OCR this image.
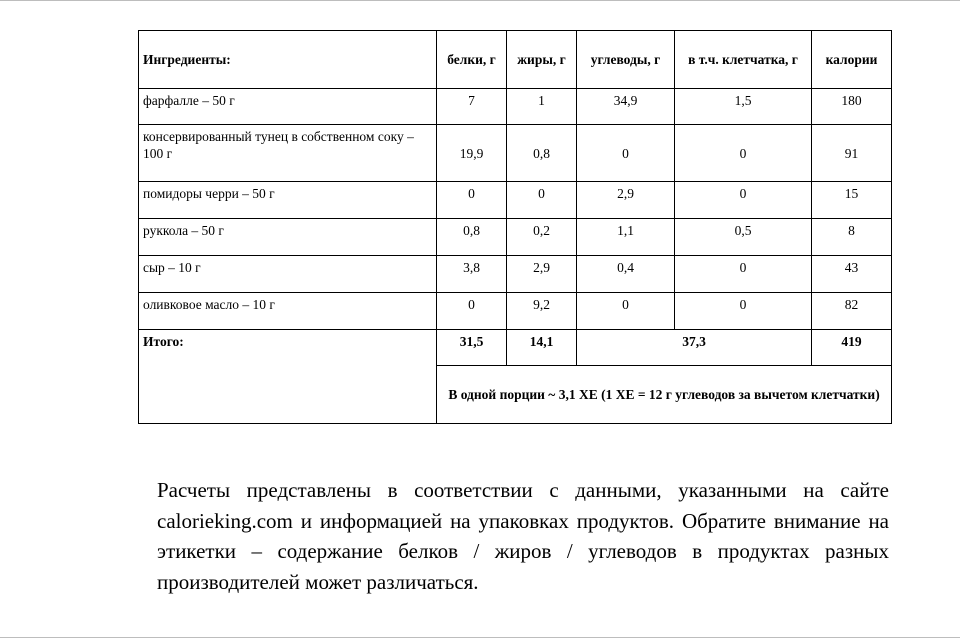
Ингредиенты:	белки, г	жиры, г	углеводы, г	в т.ч. клетчатка, г	калории
фарфалле – 50 г	7	1	34,9	1,5	180
консервированный тунец в собственном соку – 100 г	19,9	0,8	0	0	91
помидоры черри – 50 г	0	0	2,9	0	15
руккола – 50 г	0,8	0,2	1,1	0,5	8
сыр – 10 г	3,8	2,9	0,4	0	43
оливковое масло – 10 г	0	9,2	0	0	82
Итого:	31,5	14,1	37,3		419
	В одной порции ~ 3,1 ХЕ (1 ХЕ = 12 г углеводов за вычетом клетчатки)				
Расчеты представлены в соответствии с данными, указанными на сайте calorieking.com и информацией на упаковках продуктов. Обратите внимание на этикетки – содержание белков / жиров / углеводов в продуктах разных производителей может различаться.
